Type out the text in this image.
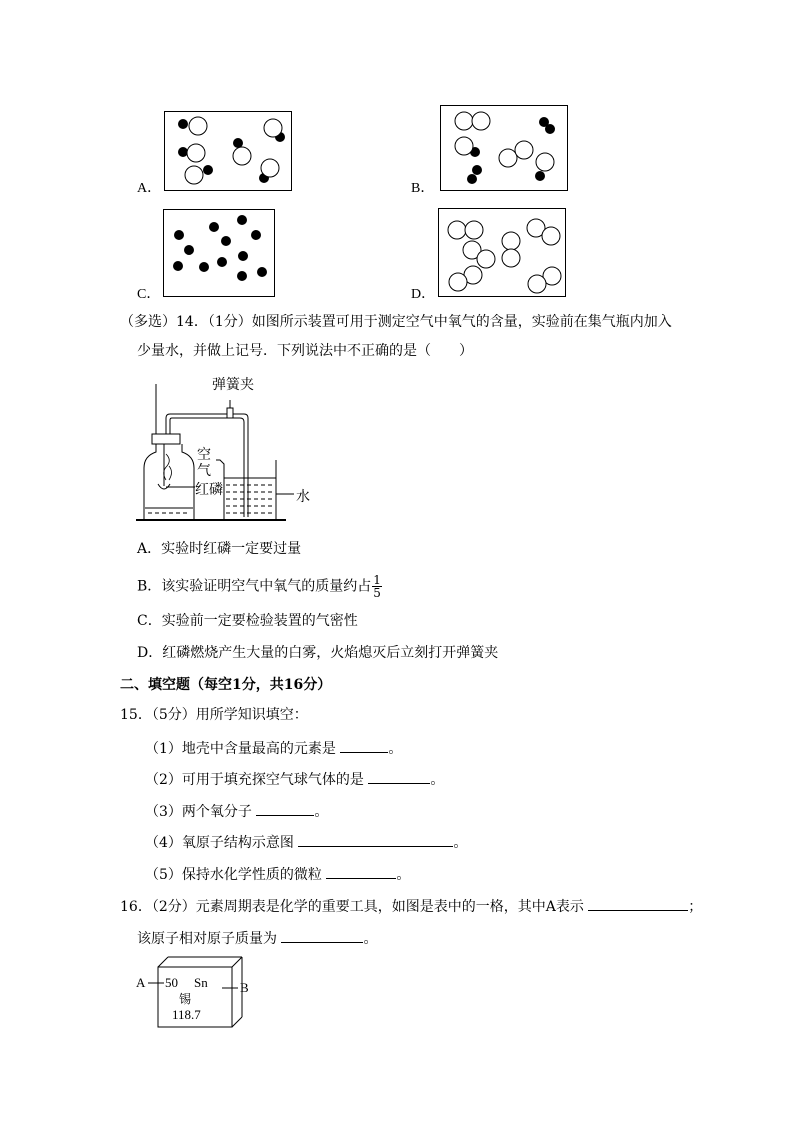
A．	B．
C．	D．
（多选）14．（1分）如图所示装置可用于测定空气中氧气的含量，实验前在集气瓶内加入
少量水，并做上记号．下列说法中不正确的是（　　）
弹簧夹
空
气
红磷	水
A．实验时红磷一定要过量
B．该实验证明空气中氧气的质量约占 $\frac{1}{5}$
C．实验前一定要检验装置的气密性
D．红磷燃烧产生大量的白雾，火焰熄灭后立刻打开弹簧夹
二、填空题（每空1分，共16分）
15．（5分）用所学知识填空：
（1）地壳中含量最高的元素是	。
（2）可用于填充探空气球气体的是	。
（3）两个氧分子	。
（4）氧原子结构示意图	。
（5）保持水化学性质的微粒	。
16．（2分）元素周期表是化学的重要工具，如图是表中的一格，其中A表示	；
该原子相对原子质量为	。
A	B
50 Sn
锡
118.7
